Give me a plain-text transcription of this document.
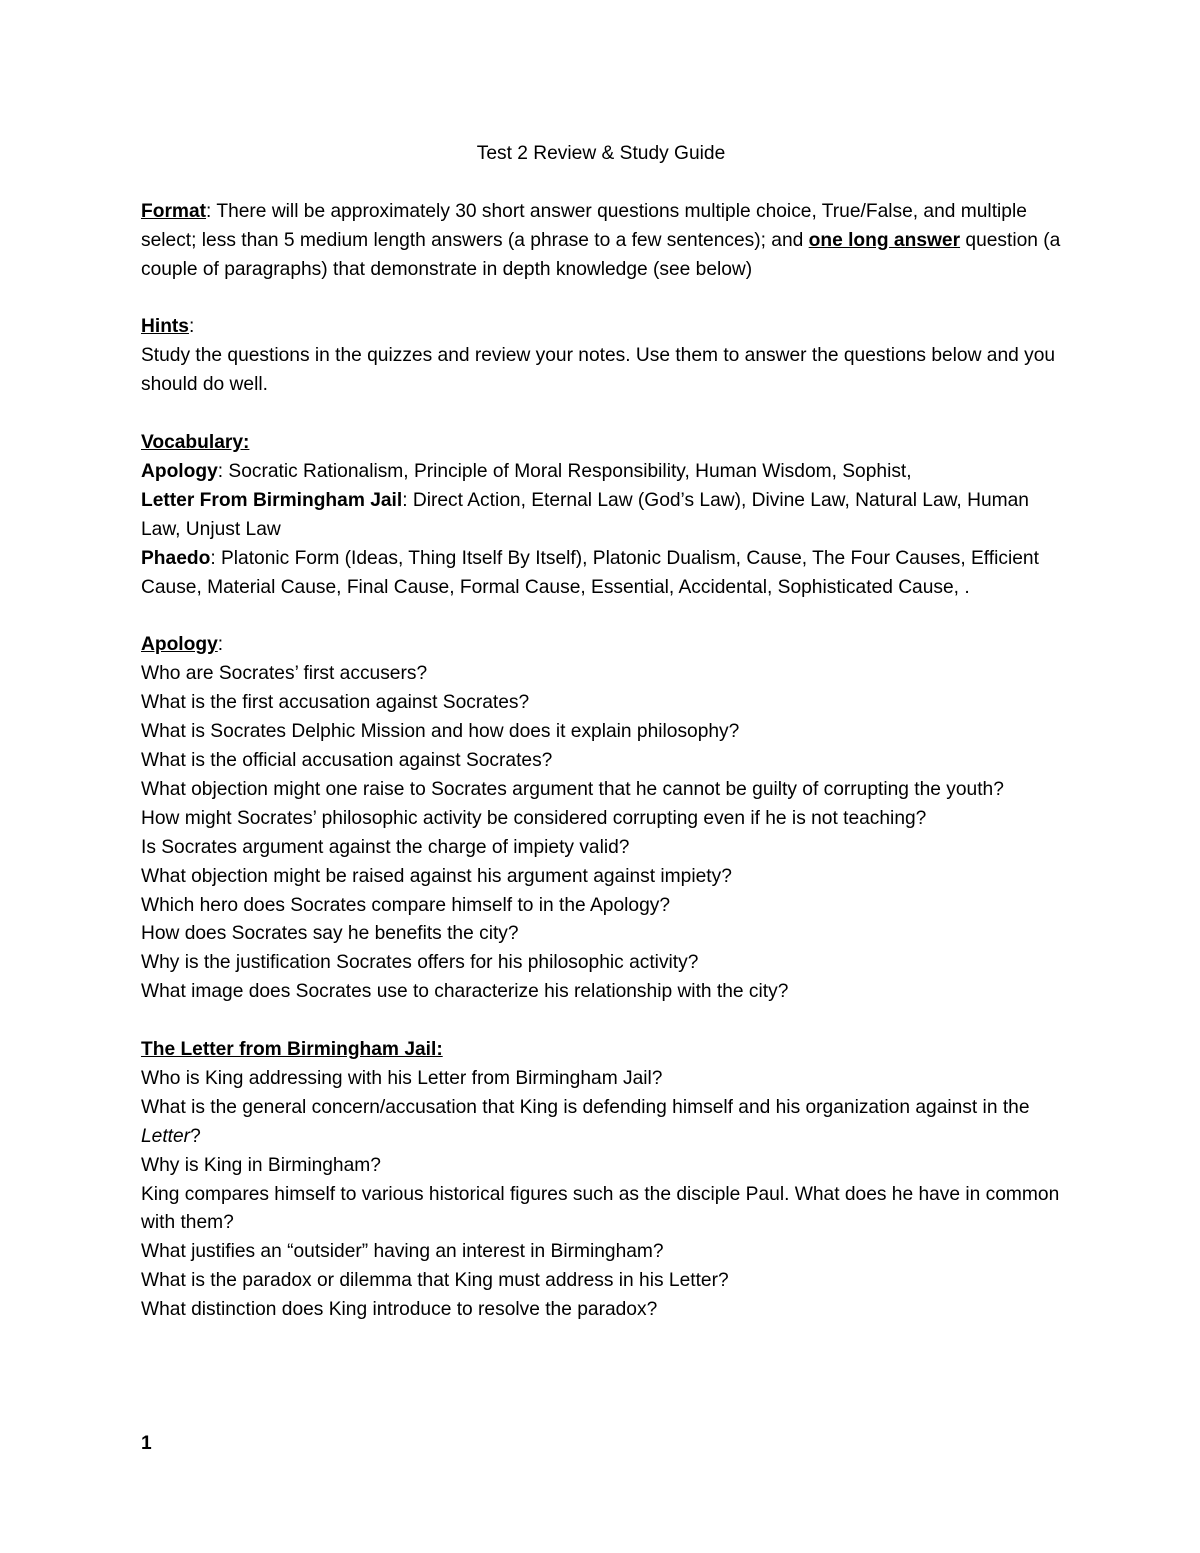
Test 2 Review & Study Guide

Format: There will be approximately 30 short answer questions multiple choice, True/False, and multiple select; less than 5 medium length answers (a phrase to a few sentences); and one long answer question (a couple of paragraphs) that demonstrate in depth knowledge (see below)

Hints:

Study the questions in the quizzes and review your notes. Use them to answer the questions below and you should do well.

Vocabulary:

Apology: Socratic Rationalism, Principle of Moral Responsibility, Human Wisdom, Sophist,

Letter From Birmingham Jail: Direct Action, Eternal Law (God’s Law), Divine Law, Natural Law, Human Law, Unjust Law

Phaedo: Platonic Form (Ideas, Thing Itself By Itself), Platonic Dualism, Cause, The Four Causes, Efficient Cause, Material Cause, Final Cause, Formal Cause, Essential, Accidental, Sophisticated Cause, .

Apology:

Who are Socrates’ first accusers?

What is the first accusation against Socrates?

What is Socrates Delphic Mission and how does it explain philosophy?

What is the official accusation against Socrates?

What objection might one raise to Socrates argument that he cannot be guilty of corrupting the youth?

How might Socrates’ philosophic activity be considered corrupting even if he is not teaching?

Is Socrates argument against the charge of impiety valid?

What objection might be raised against his argument against impiety?

Which hero does Socrates compare himself to in the Apology?

How does Socrates say he benefits the city?

Why is the justification Socrates offers for his philosophic activity?

What image does Socrates use to characterize his relationship with the city?

The Letter from Birmingham Jail:

Who is King addressing with his Letter from Birmingham Jail?

What is the general concern/accusation that King is defending himself and his organization against in the Letter?

Why is King in Birmingham?

King compares himself to various historical figures such as the disciple Paul. What does he have in common with them?

What justifies an “outsider” having an interest in Birmingham?

What is the paradox or dilemma that King must address in his Letter?

What distinction does King introduce to resolve the paradox?

1
